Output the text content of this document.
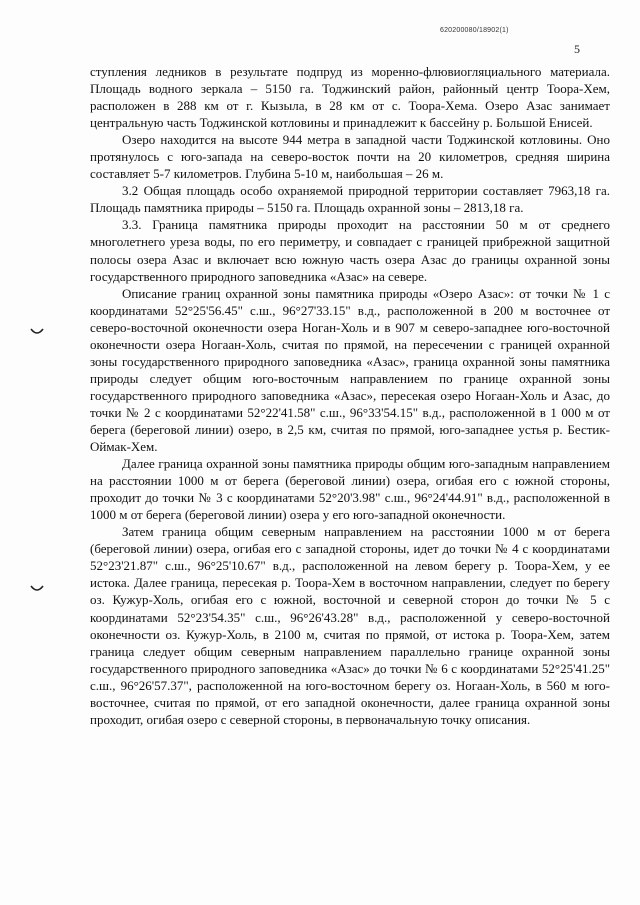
620200080/18902(1)
5

ступления ледников в результате подпруд из моренно-флювиогляциального материала. Площадь водного зеркала – 5150 га. Тоджинский район, районный центр Тоора-Хем, расположен в 288 км от г. Кызыла, в 28 км от с. Тоора-Хема. Озеро Азас занимает центральную часть Тоджинской котловины и принадлежит к бассейну р. Большой Енисей.

Озеро находится на высоте 944 метра в западной части Тоджинской котловины. Оно протянулось с юго-запада на северо-восток почти на 20 километров, средняя ширина составляет 5-7 километров. Глубина 5-10 м, наибольшая – 26 м.

3.2 Общая площадь особо охраняемой природной территории составляет 7963,18 га. Площадь памятника природы – 5150 га. Площадь охранной зоны – 2813,18 га.

3.3. Граница памятника природы проходит на расстоянии 50 м от среднего многолетнего уреза воды, по его периметру, и совпадает с границей прибрежной защитной полосы озера Азас и включает всю южную часть озера Азас до границы охранной зоны государственного природного заповедника «Азас» на севере.

Описание границ охранной зоны памятника природы «Озеро Азас»: от точки № 1 с координатами 52°25'56.45" с.ш., 96°27'33.15" в.д., расположенной в 200 м восточнее от северо-восточной оконечности озера Ноган-Холь и в 907 м северо-западнее юго-восточной оконечности озера Ногаан-Холь, считая по прямой, на пересечении с границей охранной зоны государственного природного заповедника «Азас», граница охранной зоны памятника природы следует общим юго-восточным направлением по границе охранной зоны государственного природного заповедника «Азас», пересекая озеро Ногаан-Холь и Азас, до точки № 2 с координатами 52°22'41.58" с.ш., 96°33'54.15" в.д., расположенной в 1 000 м от берега (береговой линии) озеро, в 2,5 км, считая по прямой, юго-западнее устья р. Бестик-Оймак-Хем.

Далее граница охранной зоны памятника природы общим юго-западным направлением на расстоянии 1000 м от берега (береговой линии) озера, огибая его с южной стороны, проходит до точки № 3 с координатами 52°20'3.98" с.ш., 96°24'44.91" в.д., расположенной в 1000 м от берега (береговой линии) озера у его юго-западной оконечности.

Затем граница общим северным направлением на расстоянии 1000 м от берега (береговой линии) озера, огибая его с западной стороны, идет до точки № 4 с координатами 52°23'21.87" с.ш., 96°25'10.67" в.д., расположенной на левом берегу р. Тоора-Хем, у ее истока. Далее граница, пересекая р. Тоора-Хем в восточном направлении, следует по берегу оз. Кужур-Холь, огибая его с южной, восточной и северной сторон до точки № 5 с координатами 52°23'54.35" с.ш., 96°26'43.28" в.д., расположенной у северо-восточной оконечности оз. Кужур-Холь, в 2100 м, считая по прямой, от истока р. Тоора-Хем, затем граница следует общим северным направлением параллельно границе охранной зоны государственного природного заповедника «Азас» до точки № 6 с координатами 52°25'41.25" с.ш., 96°26'57.37", расположенной на юго-восточном берегу оз. Ногаан-Холь, в 560 м юго-восточнее, считая по прямой, от его западной оконечности, далее граница охранной зоны проходит, огибая озеро с северной стороны, в первоначальную точку описания.
